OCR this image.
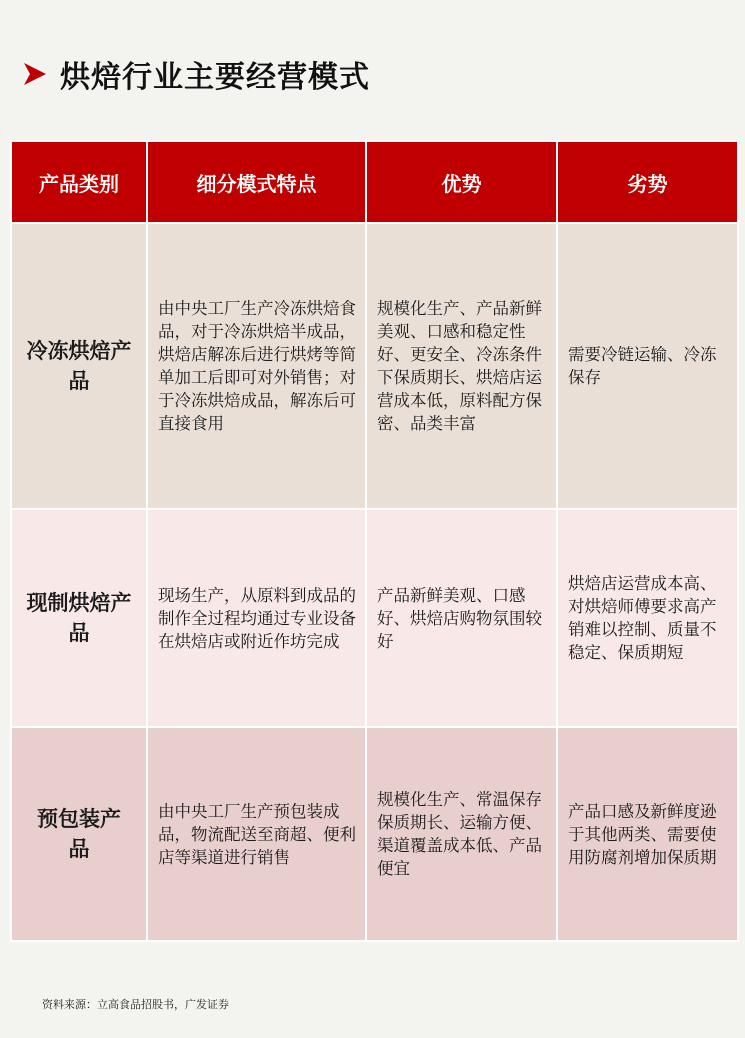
烘焙行业主要经营模式
产品类别	细分模式特点	优势	劣势
冷冻烘焙产品	由中央工厂生产冷冻烘焙食品，对于冷冻烘焙半成品，烘焙店解冻后进行烘烤等简单加工后即可对外销售；对于冷冻烘焙成品，解冻后可直接食用	规模化生产、产品新鲜美观、口感和稳定性好、更安全、冷冻条件下保质期长、烘焙店运营成本低，原料配方保密、品类丰富	需要冷链运输、冷冻保存
现制烘焙产品	现场生产，从原料到成品的制作全过程均通过专业设备在烘焙店或附近作坊完成	产品新鲜美观、口感好、烘焙店购物氛围较好	烘焙店运营成本高、对烘焙师傅要求高产销难以控制、质量不稳定、保质期短
预包装产品	由中央工厂生产预包装成品，物流配送至商超、便利店等渠道进行销售	规模化生产、常温保存保质期长、运输方便、渠道覆盖成本低、产品便宜	产品口感及新鲜度逊于其他两类、需要使用防腐剂增加保质期
资料来源：立高食品招股书，广发证券
